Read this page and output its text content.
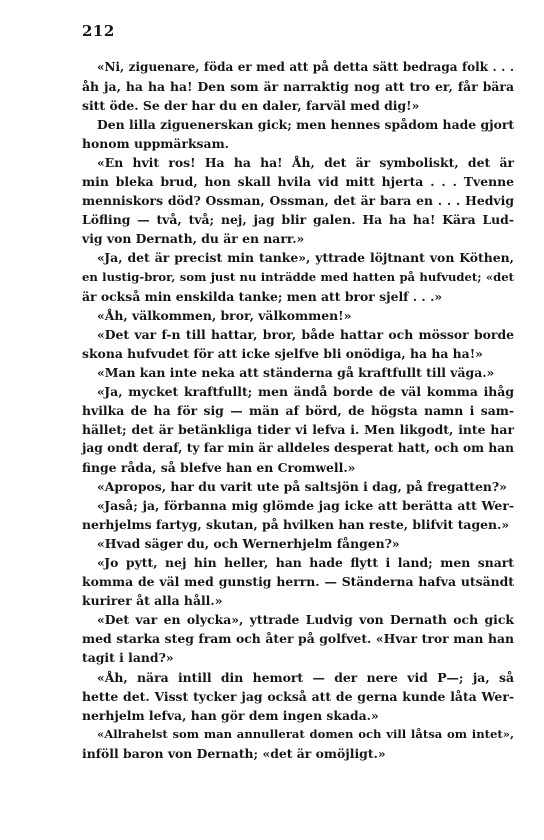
212
«Ni, ziguenare, föda er med att på detta sätt bedraga folk . . .
åh ja, ha ha ha! Den som är narraktig nog att tro er, får bära
sitt öde. Se der har du en daler, farväl med dig!»
Den lilla ziguenerskan gick; men hennes spådom hade gjort
honom uppmärksam.
«En hvit ros! Ha ha ha! Åh, det är symboliskt, det är
min bleka brud, hon skall hvila vid mitt hjerta . . . Tvenne
menniskors död? Ossman, Ossman, det är bara en . . . Hedvig
Löfling — två, två; nej, jag blir galen. Ha ha ha! Kära Lud-
vig von Dernath, du är en narr.»
«Ja, det är precist min tanke», yttrade löjtnant von Köthen,
en lustig-bror, som just nu inträdde med hatten på hufvudet; «det
är också min enskilda tanke; men att bror sjelf . . .»
«Åh, välkommen, bror, välkommen!»
«Det var f-n till hattar, bror, både hattar och mössor borde
skona hufvudet för att icke sjelfve bli onödiga, ha ha ha!»
«Man kan inte neka att ständerna gå kraftfullt till väga.»
«Ja, mycket kraftfullt; men ändå borde de väl komma ihåg
hvilka de ha för sig — män af börd, de högsta namn i sam-
hället; det är betänkliga tider vi lefva i. Men likgodt, inte har
jag ondt deraf, ty far min är alldeles desperat hatt, och om han
finge råda, så blefve han en Cromwell.»
«Apropos, har du varit ute på saltsjön i dag, på fregatten?»
«Jaså; ja, förbanna mig glömde jag icke att berätta att Wer-
nerhjelms fartyg, skutan, på hvilken han reste, blifvit tagen.»
«Hvad säger du, och Wernerhjelm fången?»
«Jo pytt, nej hin heller, han hade flytt i land; men snart
komma de väl med gunstig herrn. — Ständerna hafva utsändt
kurirer åt alla håll.»
«Det var en olycka», yttrade Ludvig von Dernath och gick
med starka steg fram och åter på golfvet. «Hvar tror man han
tagit i land?»
«Åh, nära intill din hemort — der nere vid P—; ja, så
hette det. Visst tycker jag också att de gerna kunde låta Wer-
nerhjelm lefva, han gör dem ingen skada.»
«Allrahelst som man annullerat domen och vill låtsa om intet»,
inföll baron von Dernath; «det är omöjligt.»
